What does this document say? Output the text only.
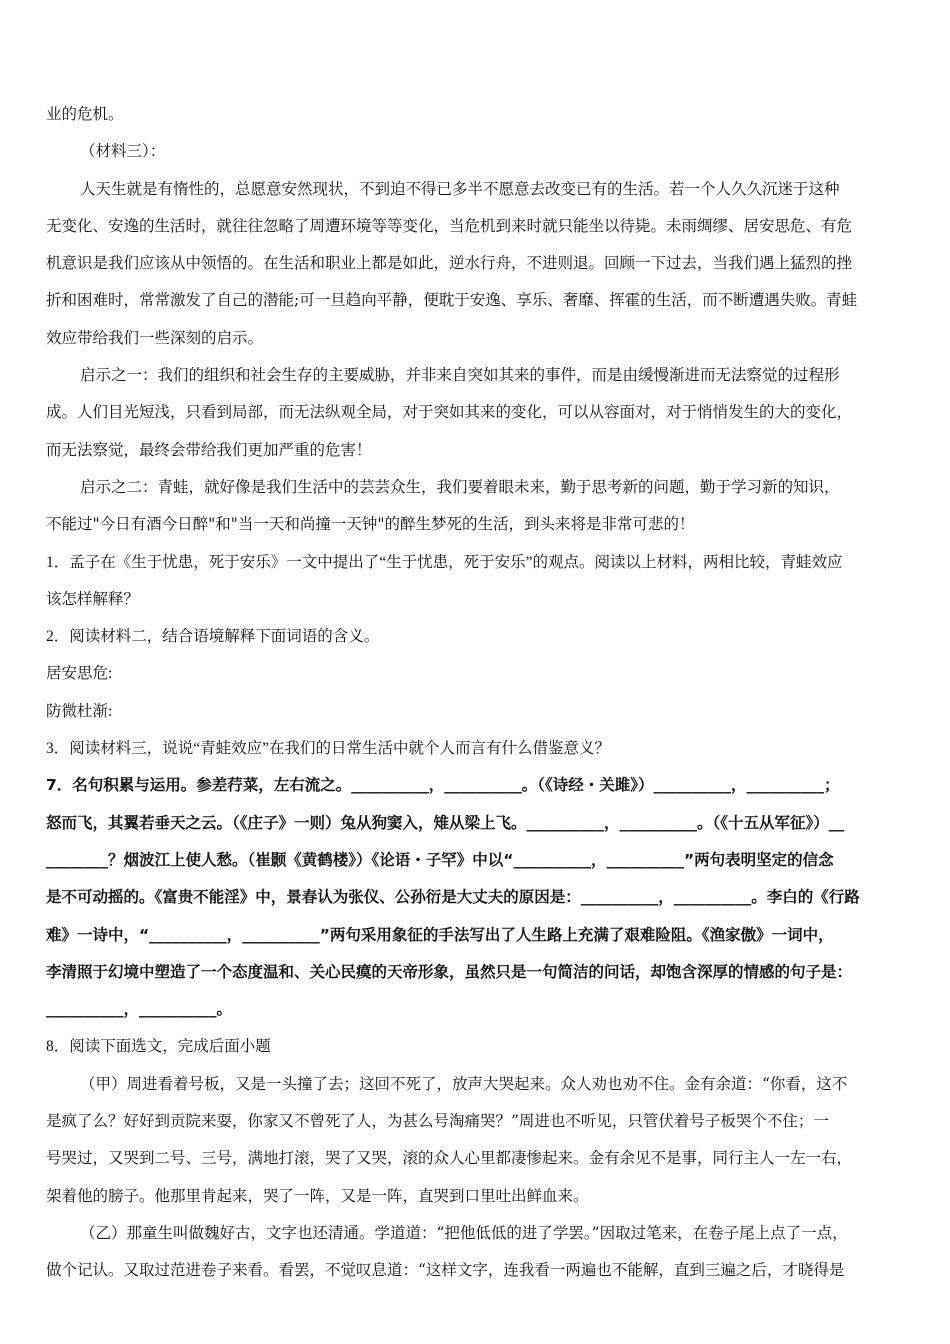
业的危机。

（材料三）：

人天生就是有惰性的，总愿意安然现状，不到迫不得已多半不愿意去改变已有的生活。若一个人久久沉迷于这种

无变化、安逸的生活时，就往往忽略了周遭环境等等变化，当危机到来时就只能坐以待毙。未雨绸缪、居安思危、有危

机意识是我们应该从中领悟的。在生活和职业上都是如此，逆水行舟，不进则退。回顾一下过去，当我们遇上猛烈的挫

折和困难时，常常激发了自己的潜能;可一旦趋向平静，便耽于安逸、享乐、奢靡、挥霍的生活，而不断遭遇失败。青蛙

效应带给我们一些深刻的启示。

启示之一：我们的组织和社会生存的主要威胁，并非来自突如其来的事件，而是由缓慢渐进而无法察觉的过程形

成。人们目光短浅，只看到局部，而无法纵观全局，对于突如其来的变化，可以从容面对，对于悄悄发生的大的变化，

而无法察觉，最终会带给我们更加严重的危害！

启示之二：青蛙，就好像是我们生活中的芸芸众生，我们要着眼未来，勤于思考新的问题，勤于学习新的知识，

不能过"今日有酒今日醉"和"当一天和尚撞一天钟"的醉生梦死的生活，到头来将是非常可悲的！

1．孟子在《生于忧患，死于安乐》一文中提出了“生于忧患，死于安乐”的观点。阅读以上材料，两相比较，青蛙效应

该怎样解释？

2．阅读材料二，结合语境解释下面词语的含义。

居安思危:

防微杜渐:

3．阅读材料三，说说“青蛙效应”在我们的日常生活中就个人而言有什么借鉴意义？

7．名句积累与运用。参差荇菜，左右流之。__________，__________。（《诗经・关雎》）__________，__________；

怒而飞，其翼若垂天之云。（《庄子》一则）兔从狗窦入，雉从梁上飞。__________，__________。（《十五从军征》）__

________？烟波江上使人愁。（崔颢《黄鹤楼》）《论语・子罕》中以“__________，__________”两句表明坚定的信念

是不可动摇的。《富贵不能淫》中，景春认为张仪、公孙衍是大丈夫的原因是：__________，__________。李白的《行路

难》一诗中，“__________，__________”两句采用象征的手法写出了人生路上充满了艰难险阻。《渔家傲》一词中，

李清照于幻境中塑造了一个态度温和、关心民瘼的天帝形象，虽然只是一句简洁的问话，却饱含深厚的情感的句子是：

__________，__________。

8．阅读下面选文，完成后面小题

（甲）周进看着号板，又是一头撞了去；这回不死了，放声大哭起来。众人劝也劝不住。金有余道：“你看，这不

是疯了么？好好到贡院来耍，你家又不曾死了人，为甚么号淘痛哭？”周进也不听见，只管伏着号子板哭个不住；一

号哭过，又哭到二号、三号，满地打滚，哭了又哭，滚的众人心里都凄惨起来。金有余见不是事，同行主人一左一右，

架着他的膀子。他那里肯起来，哭了一阵，又是一阵，直哭到口里吐出鲜血来。

（乙）那童生叫做魏好古，文字也还清通。学道道：“把他低低的进了学罢。”因取过笔来，在卷子尾上点了一点，

做个记认。又取过范进卷子来看。看罢，不觉叹息道：“这样文字，连我看一两遍也不能解，直到三遍之后，才晓得是
